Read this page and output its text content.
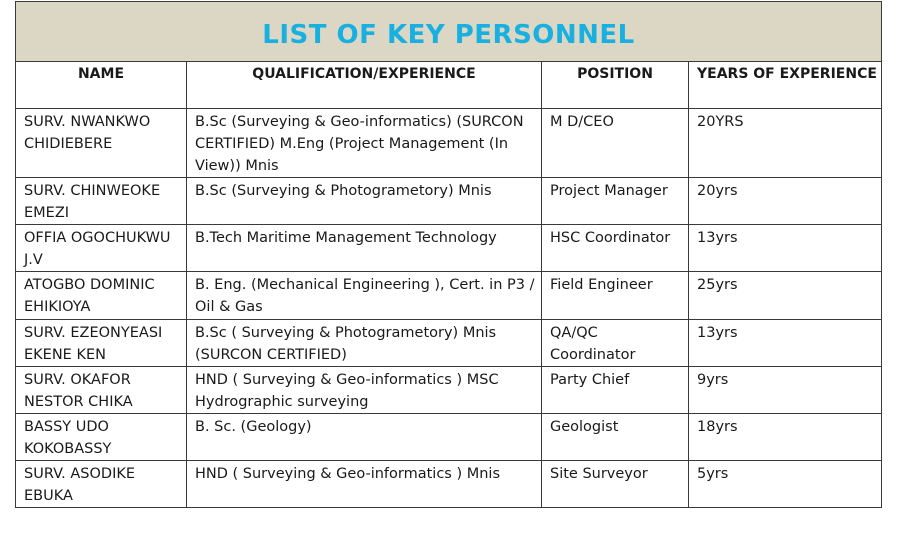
LIST OF KEY PERSONNEL			
NAME	QUALIFICATION/EXPERIENCE	POSITION	YEARS OF EXPERIENCE
SURV. NWANKWO CHIDIEBERE	B.Sc (Surveying & Geo-informatics) (SURCON CERTIFIED) M.Eng (Project Management (In View)) Mnis	M D/CEO	20YRS
SURV. CHINWEOKE EMEZI	B.Sc (Surveying & Photogrametory) Mnis	Project Manager	20yrs
OFFIA OGOCHUKWU J.V	B.Tech Maritime Management Technology	HSC Coordinator	13yrs
ATOGBO DOMINIC EHIKIOYA	B. Eng. (Mechanical Engineering ), Cert. in P3 / Oil & Gas	Field Engineer	25yrs
SURV. EZEONYEASI EKENE KEN	B.Sc ( Surveying & Photogrametory) Mnis (SURCON CERTIFIED)	QA/QC Coordinator	13yrs
SURV. OKAFOR NESTOR CHIKA	HND ( Surveying & Geo-informatics ) MSC Hydrographic surveying	Party Chief	9yrs
BASSY UDO KOKOBASSY	B. Sc. (Geology)	Geologist	18yrs
SURV. ASODIKE EBUKA	HND ( Surveying & Geo-informatics ) Mnis	Site Surveyor	5yrs
